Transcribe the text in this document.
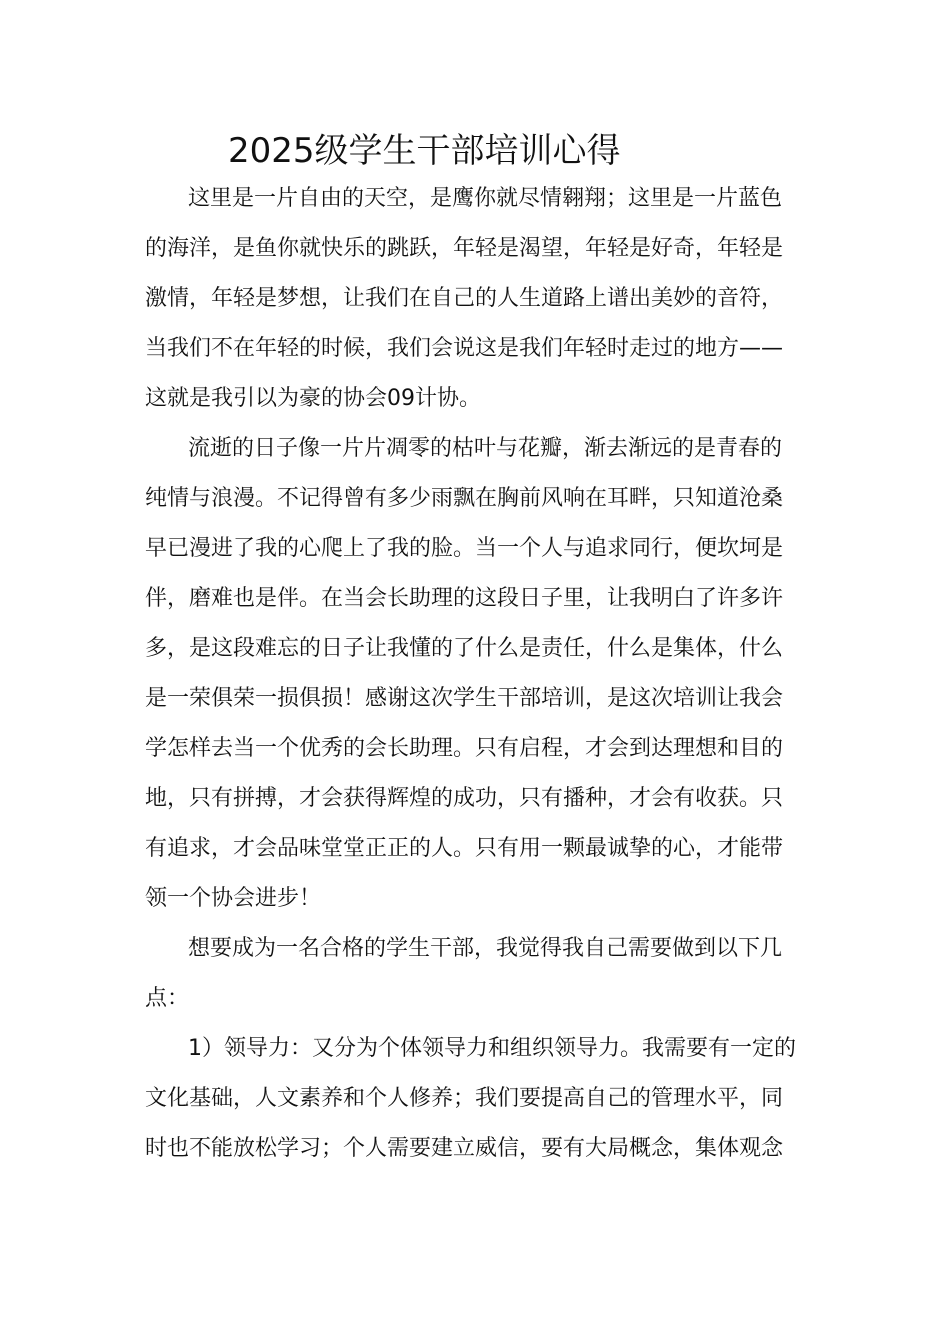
2025级学生干部培训心得
这里是一片自由的天空，是鹰你就尽情翱翔；这里是一片蓝色
的海洋，是鱼你就快乐的跳跃，年轻是渴望，年轻是好奇，年轻是
激情，年轻是梦想，让我们在自己的人生道路上谱出美妙的音符，
当我们不在年轻的时候，我们会说这是我们年轻时走过的地方——
这就是我引以为豪的协会09计协。
流逝的日子像一片片凋零的枯叶与花瓣，渐去渐远的是青春的
纯情与浪漫。不记得曾有多少雨飘在胸前风响在耳畔，只知道沧桑
早已漫进了我的心爬上了我的脸。当一个人与追求同行，便坎坷是
伴，磨难也是伴。在当会长助理的这段日子里，让我明白了许多许
多，是这段难忘的日子让我懂的了什么是责任，什么是集体，什么
是一荣俱荣一损俱损！感谢这次学生干部培训，是这次培训让我会
学怎样去当一个优秀的会长助理。只有启程，才会到达理想和目的
地，只有拼搏，才会获得辉煌的成功，只有播种，才会有收获。只
有追求，才会品味堂堂正正的人。只有用一颗最诚挚的心，才能带
领一个协会进步！
想要成为一名合格的学生干部，我觉得我自己需要做到以下几
点：
1）领导力：又分为个体领导力和组织领导力。我需要有一定的
文化基础，人文素养和个人修养；我们要提高自己的管理水平，同
时也不能放松学习；个人需要建立威信，要有大局概念，集体观念
